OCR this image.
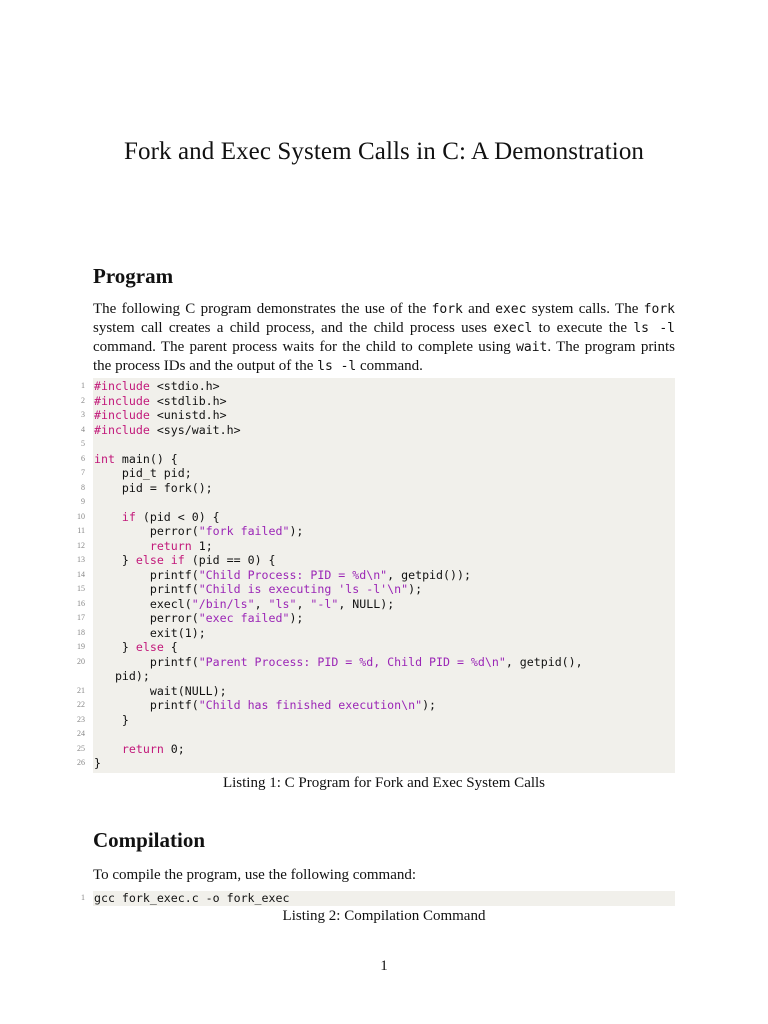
Fork and Exec System Calls in C: A Demonstration
Program
The following C program demonstrates the use of the fork and exec system calls. The fork system call creates a child process, and the child process uses execl to execute the ls -l command. The parent process waits for the child to complete using wait. The program prints the process IDs and the output of the ls -l command.
1 #include <stdio.h>
2 #include <stdlib.h>
3 #include <unistd.h>
4 #include <sys/wait.h>
5
6 int main() {
7 pid_t pid;
8 pid = fork();
9
10	if (pid < 0) {
11 perror("fork failed");
12	return 1;
13 } else if (pid == 0) {
14 printf("Child Process: PID = %d\n", getpid());
15 printf("Child is executing 'ls -l'\n");
16 execl("/bin/ls", "ls", "-l", NULL);
17 perror("exec failed");
18 exit(1);
19 } else {
20 printf("Parent Process: PID = %d, Child PID = %d\n", getpid(),
pid);
21 wait(NULL);
22 printf("Child has finished execution\n");
23 }
24
25	return 0;
26 }
Listing 1: C Program for Fork and Exec System Calls
Compilation
To compile the program, use the following command:
1 gcc fork_exec.c -o fork_exec
Listing 2: Compilation Command
1
